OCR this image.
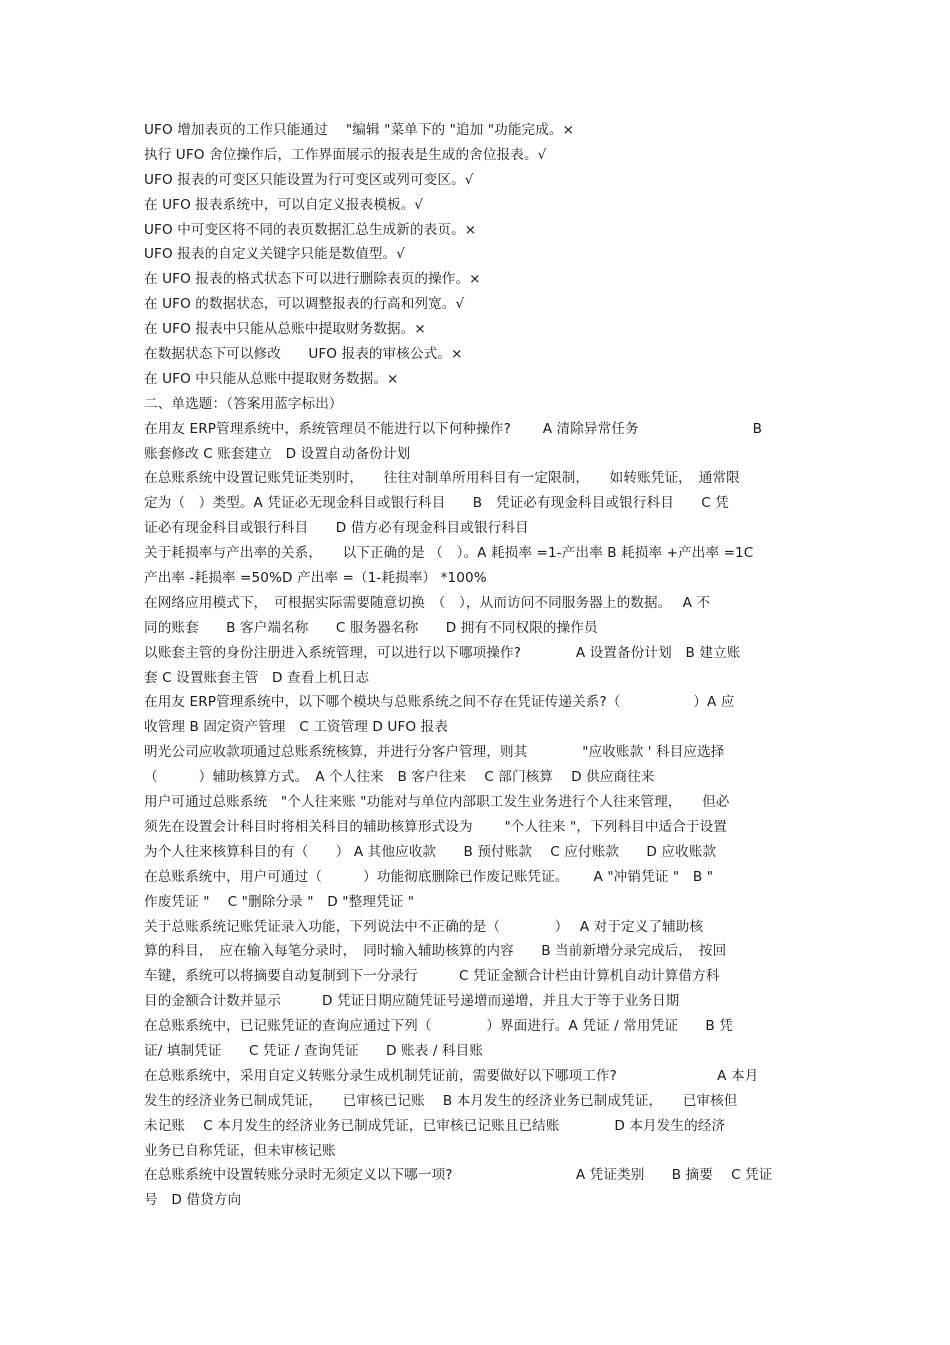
UFO 增加表页的工作只能通过　 "编辑 "菜单下的 "追加 "功能完成。×
执行 UFO 舍位操作后，工作界面展示的报表是生成的舍位报表。√
UFO 报表的可变区只能设置为行可变区或列可变区。√
在 UFO 报表系统中，可以自定义报表模板。√
UFO 中可变区将不同的表页数据汇总生成新的表页。×
UFO 报表的自定义关键字只能是数值型。√
在 UFO 报表的格式状态下可以进行删除表页的操作。×
在 UFO 的数据状态，可以调整报表的行高和列宽。√
在 UFO 报表中只能从总账中提取财务数据。×
在数据状态下可以修改　　UFO 报表的审核公式。×
在 UFO 中只能从总账中提取财务数据。×
二、单选题：（答案用蓝字标出）
在用友 ERP管理系统中，系统管理员不能进行以下何种操作?　　 A 清除异常任务　　　　　　　　 B
账套修改 C 账套建立　D 设置自动备份计划
在总账系统中设置记账凭证类别时，　　往往对制单所用科目有一定限制，　　如转账凭证，　通常限
定为（　）类型。A 凭证必无现金科目或银行科目　　B　凭证必有现金科目或银行科目　　C 凭
证必有现金科目或银行科目　　D 借方必有现金科目或银行科目
关于耗损率与产出率的关系，　　以下正确的是 （　）。A 耗损率 =1-产出率 B 耗损率 +产出率 =1C
产出率 -耗损率 =50%D 产出率 =（1-耗损率） *100%
在网络应用模式下，　可根据实际需要随意切换　（　），从而访问不同服务器上的数据。　 A 不
同的账套　　B 客户端名称　　C 服务器名称　　D 拥有不同权限的操作员
以账套主管的身份注册进入系统管理，可以进行以下哪项操作?　　　　A 设置备份计划　B 建立账
套 C 设置账套主管　D 查看上机日志
在用友 ERP管理系统中，以下哪个模块与总账系统之间不存在凭证传递关系?（　　　　　 ）A 应
收管理 B 固定资产管理　C 工资管理 D UFO 报表
明光公司应收款项通过总账系统核算，并进行分客户管理，则其　　　　"应收账款 ' 科目应选择
（　　　）辅助核算方式。　A 个人往来　B 客户往来　 C 部门核算　 D 供应商往来
用户可通过总账系统　"个人往来账 "功能对与单位内部职工发生业务进行个人往来管理，　　但必
须先在设置会计科目时将相关科目的辅助核算形式设为　　 "个人往来 "，下列科目中适合于设置
为个人往来核算科目的有（　　） A 其他应收款　　B 预付账款　 C 应付账款　　D 应收账款
在总账系统中，用户可通过（　　　）功能彻底删除已作废记账凭证。　　 A "冲销凭证 "　B "
作废凭证 "　 C "删除分录 "　D "整理凭证 "
关于总账系统记账凭证录入功能，下列说法中不正确的是（　　　　）　 A 对于定义了辅助核
算的科目，　应在输入每笔分录时，　同时输入辅助核算的内容　　B 当前新增分录完成后，　按回
车键，系统可以将摘要自动复制到下一分录行　　　C 凭证金额合计栏由计算机自动计算借方科
目的金额合计数并显示　　　D 凭证日期应随凭证号递增而递增，并且大于等于业务日期
在总账系统中，已记账凭证的查询应通过下列（　　　　）界面进行。A 凭证 / 常用凭证　　B 凭
证/ 填制凭证　　C 凭证 / 查询凭证　　D 账表 / 科目账
在总账系统中，采用自定义转账分录生成机制凭证前，需要做好以下哪项工作?　　　　　　　 A 本月
发生的经济业务已制成凭证，　　已审核已记账　 B 本月发生的经济业务已制成凭证，　　已审核但
未记账　 C 本月发生的经济业务已制成凭证，已审核已记账且已结账　　　　D 本月发生的经济
业务已自称凭证，但未审核记账
在总账系统中设置转账分录时无须定义以下哪一项?　　　　　　　　　A 凭证类别　　B 摘要　 C 凭证
号　D 借贷方向
